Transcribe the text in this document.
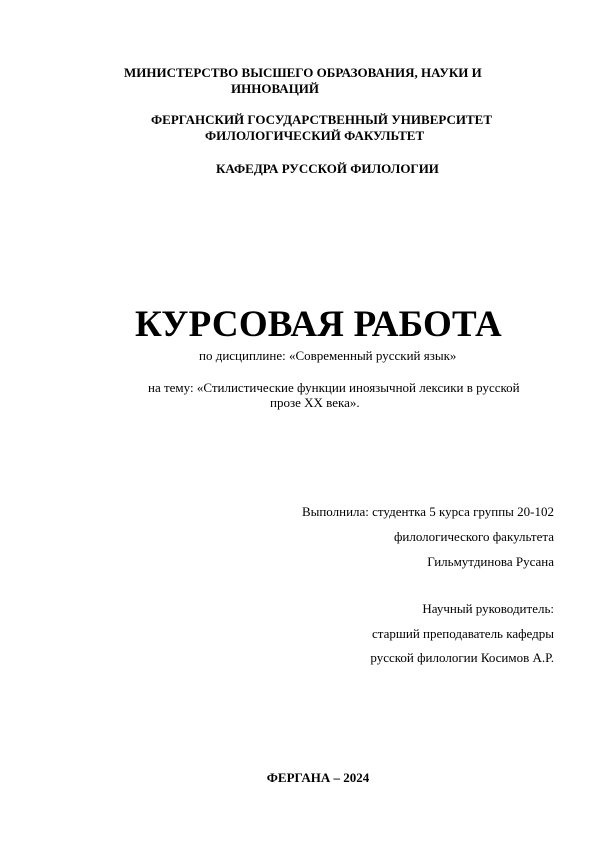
МИНИСТЕРСТВО ВЫСШЕГО ОБРАЗОВАНИЯ, НАУКИ И
ИННОВАЦИЙ
ФЕРГАНСКИЙ ГОСУДАРСТВЕННЫЙ УНИВЕРСИТЕТ
ФИЛОЛОГИЧЕСКИЙ ФАКУЛЬТЕТ
КАФЕДРА РУССКОЙ ФИЛОЛОГИИ
КУРСОВАЯ РАБОТА
по дисциплине: «Современный русский язык»
на тему: «Стилистические функции иноязычной лексики в русской
прозе XX века».
Выполнила: студентка 5 курса группы 20-102
филологического факультета
Гильмутдинова Русана
Научный руководитель:
старший преподаватель кафедры
русской филологии Косимов А.Р.
ФЕРГАНА – 2024
